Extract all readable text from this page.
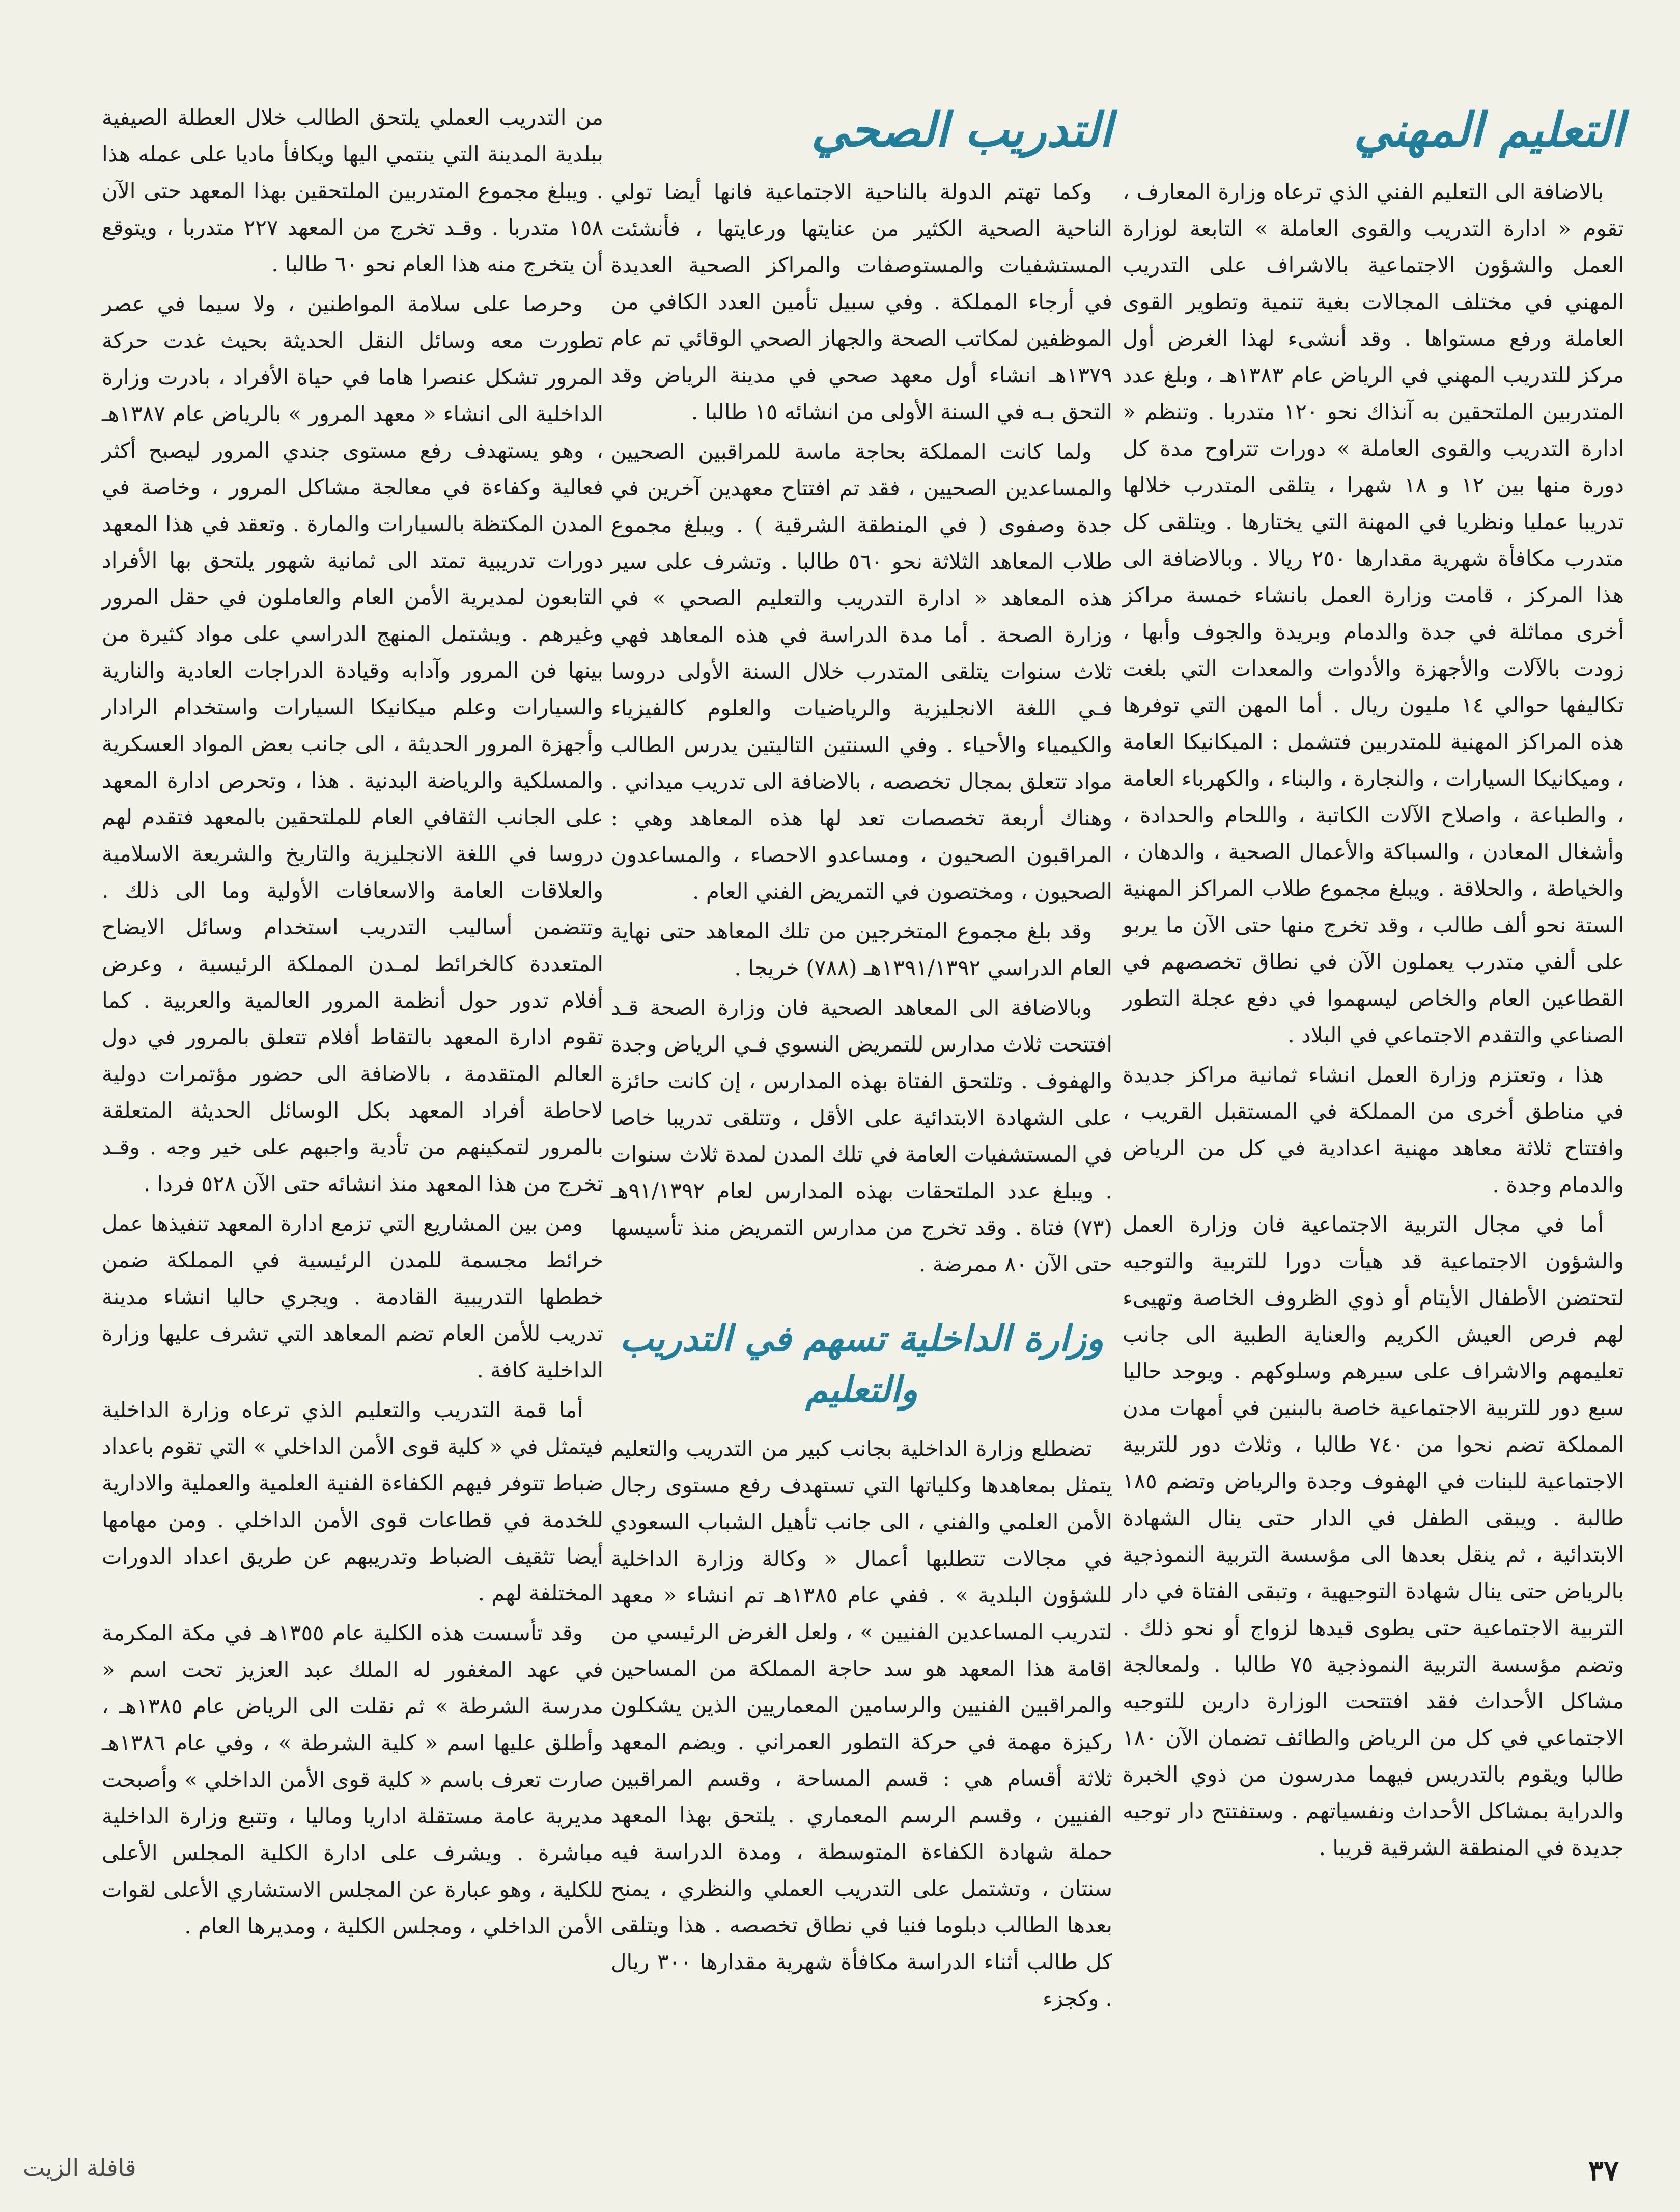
التعليم المهني

بالاضافة الى التعليم الفني الذي ترعاه وزارة المعارف ، تقوم « ادارة التدريب والقوى العاملة » التابعة لوزارة العمل والشؤون الاجتماعية بالاشراف على التدريب المهني في مختلف المجالات بغية تنمية وتطوير القوى العاملة ورفع مستواها . وقد أنشىء لهذا الغرض أول مركز للتدريب المهني في الرياض عام ١٣٨٣هـ ، وبلغ عدد المتدربين الملتحقين به آنذاك نحو ١٢٠ متدربا . وتنظم « ادارة التدريب والقوى العاملة » دورات تتراوح مدة كل دورة منها بين ١٢ و ١٨ شهرا ، يتلقى المتدرب خلالها تدريبا عمليا ونظريا في المهنة التي يختارها . ويتلقى كل متدرب مكافأة شهرية مقدارها ٢٥٠ ريالا . وبالاضافة الى هذا المركز ، قامت وزارة العمل بانشاء خمسة مراكز أخرى مماثلة في جدة والدمام وبريدة والجوف وأبها ، زودت بالآلات والأجهزة والأدوات والمعدات التي بلغت تكاليفها حوالي ١٤ مليون ريال . أما المهن التي توفرها هذه المراكز المهنية للمتدربين فتشمل : الميكانيكا العامة ، وميكانيكا السيارات ، والنجارة ، والبناء ، والكهرباء العامة ، والطباعة ، واصلاح الآلات الكاتبة ، واللحام والحدادة ، وأشغال المعادن ، والسباكة والأعمال الصحية ، والدهان ، والخياطة ، والحلاقة . ويبلغ مجموع طلاب المراكز المهنية الستة نحو ألف طالب ، وقد تخرج منها حتى الآن ما يربو على ألفي متدرب يعملون الآن في نطاق تخصصهم في القطاعين العام والخاص ليسهموا في دفع عجلة التطور الصناعي والتقدم الاجتماعي في البلاد .

هذا ، وتعتزم وزارة العمل انشاء ثمانية مراكز جديدة في مناطق أخرى من المملكة في المستقبل القريب ، وافتتاح ثلاثة معاهد مهنية اعدادية في كل من الرياض والدمام وجدة .

أما في مجال التربية الاجتماعية فان وزارة العمل والشؤون الاجتماعية قد هيأت دورا للتربية والتوجيه لتحتضن الأطفال الأيتام أو ذوي الظروف الخاصة وتهيىء لهم فرص العيش الكريم والعناية الطبية الى جانب تعليمهم والاشراف على سيرهم وسلوكهم . ويوجد حاليا سبع دور للتربية الاجتماعية خاصة بالبنين في أمهات مدن المملكة تضم نحوا من ٧٤٠ طالبا ، وثلاث دور للتربية الاجتماعية للبنات في الهفوف وجدة والرياض وتضم ١٨٥ طالبة . ويبقى الطفل في الدار حتى ينال الشهادة الابتدائية ، ثم ينقل بعدها الى مؤسسة التربية النموذجية بالرياض حتى ينال شهادة التوجيهية ، وتبقى الفتاة في دار التربية الاجتماعية حتى يطوى قيدها لزواج أو نحو ذلك . وتضم مؤسسة التربية النموذجية ٧٥ طالبا . ولمعالجة مشاكل الأحداث فقد افتتحت الوزارة دارين للتوجيه الاجتماعي في كل من الرياض والطائف تضمان الآن ١٨٠ طالبا ويقوم بالتدريس فيهما مدرسون من ذوي الخبرة والدراية بمشاكل الأحداث ونفسياتهم . وستفتتح دار توجيه جديدة في المنطقة الشرقية قريبا .

التدريب الصحي

وكما تهتم الدولة بالناحية الاجتماعية فانها أيضا تولي الناحية الصحية الكثير من عنايتها ورعايتها ، فأنشئت المستشفيات والمستوصفات والمراكز الصحية العديدة في أرجاء المملكة . وفي سبيل تأمين العدد الكافي من الموظفين لمكاتب الصحة والجهاز الصحي الوقائي تم عام ١٣٧٩هـ انشاء أول معهد صحي في مدينة الرياض وقد التحق بـه في السنة الأولى من انشائه ١٥ طالبا .

ولما كانت المملكة بحاجة ماسة للمراقبين الصحيين والمساعدين الصحيين ، فقد تم افتتاح معهدين آخرين في جدة وصفوى ( في المنطقة الشرقية ) . ويبلغ مجموع طلاب المعاهد الثلاثة نحو ٥٦٠ طالبا . وتشرف على سير هذه المعاهد « ادارة التدريب والتعليم الصحي » في وزارة الصحة . أما مدة الدراسة في هذه المعاهد فهي ثلاث سنوات يتلقى المتدرب خلال السنة الأولى دروسا فـي اللغة الانجليزية والرياضيات والعلوم كالفيزياء والكيمياء والأحياء . وفي السنتين التاليتين يدرس الطالب مواد تتعلق بمجال تخصصه ، بالاضافة الى تدريب ميداني . وهناك أربعة تخصصات تعد لها هذه المعاهد وهي : المراقبون الصحيون ، ومساعدو الاحصاء ، والمساعدون الصحيون ، ومختصون في التمريض الفني العام .

وقد بلغ مجموع المتخرجين من تلك المعاهد حتى نهاية العام الدراسي ١٣٩١/١٣٩٢هـ (٧٨٨) خريجا .

وبالاضافة الى المعاهد الصحية فان وزارة الصحة قـد افتتحت ثلاث مدارس للتمريض النسوي فـي الرياض وجدة والهفوف . وتلتحق الفتاة بهذه المدارس ، إن كانت حائزة على الشهادة الابتدائية على الأقل ، وتتلقى تدريبا خاصا في المستشفيات العامة في تلك المدن لمدة ثلاث سنوات . ويبلغ عدد الملتحقات بهذه المدارس لعام ٩١/١٣٩٢هـ (٧٣) فتاة . وقد تخرج من مدارس التمريض منذ تأسيسها حتى الآن ٨٠ ممرضة .

وزارة الداخلية تسهم في التدريب والتعليم

تضطلع وزارة الداخلية بجانب كبير من التدريب والتعليم يتمثل بمعاهدها وكلياتها التي تستهدف رفع مستوى رجال الأمن العلمي والفني ، الى جانب تأهيل الشباب السعودي في مجالات تتطلبها أعمال « وكالة وزارة الداخلية للشؤون البلدية » . ففي عام ١٣٨٥هـ تم انشاء « معهد لتدريب المساعدين الفنيين » ، ولعل الغرض الرئيسي من اقامة هذا المعهد هو سد حاجة المملكة من المساحين والمراقبين الفنيين والرسامين المعماريين الذين يشكلون ركيزة مهمة في حركة التطور العمراني . ويضم المعهد ثلاثة أقسام هي : قسم المساحة ، وقسم المراقبين الفنيين ، وقسم الرسم المعماري . يلتحق بهذا المعهد حملة شهادة الكفاءة المتوسطة ، ومدة الدراسة فيه سنتان ، وتشتمل على التدريب العملي والنظري ، يمنح بعدها الطالب دبلوما فنيا في نطاق تخصصه . هذا ويتلقى كل طالب أثناء الدراسة مكافأة شهرية مقدارها ٣٠٠ ريال . وكجزء

من التدريب العملي يلتحق الطالب خلال العطلة الصيفية ببلدية المدينة التي ينتمي اليها ويكافأ ماديا على عمله هذا . ويبلغ مجموع المتدربين الملتحقين بهذا المعهد حتى الآن ١٥٨ متدربا . وقـد تخرج من المعهد ٢٢٧ متدربا ، ويتوقع أن يتخرج منه هذا العام نحو ٦٠ طالبا .

وحرصا على سلامة المواطنين ، ولا سيما في عصر تطورت معه وسائل النقل الحديثة بحيث غدت حركة المرور تشكل عنصرا هاما في حياة الأفراد ، بادرت وزارة الداخلية الى انشاء « معهد المرور » بالرياض عام ١٣٨٧هـ ، وهو يستهدف رفع مستوى جندي المرور ليصبح أكثر فعالية وكفاءة في معالجة مشاكل المرور ، وخاصة في المدن المكتظة بالسيارات والمارة . وتعقد في هذا المعهد دورات تدريبية تمتد الى ثمانية شهور يلتحق بها الأفراد التابعون لمديرية الأمن العام والعاملون في حقل المرور وغيرهم . ويشتمل المنهج الدراسي على مواد كثيرة من بينها فن المرور وآدابه وقيادة الدراجات العادية والنارية والسيارات وعلم ميكانيكا السيارات واستخدام الرادار وأجهزة المرور الحديثة ، الى جانب بعض المواد العسكرية والمسلكية والرياضة البدنية . هذا ، وتحرص ادارة المعهد على الجانب الثقافي العام للملتحقين بالمعهد فتقدم لهم دروسا في اللغة الانجليزية والتاريخ والشريعة الاسلامية والعلاقات العامة والاسعافات الأولية وما الى ذلك . وتتضمن أساليب التدريب استخدام وسائل الايضاح المتعددة كالخرائط لمـدن المملكة الرئيسية ، وعرض أفلام تدور حول أنظمة المرور العالمية والعربية . كما تقوم ادارة المعهد بالتقاط أفلام تتعلق بالمرور في دول العالم المتقدمة ، بالاضافة الى حضور مؤتمرات دولية لاحاطة أفراد المعهد بكل الوسائل الحديثة المتعلقة بالمرور لتمكينهم من تأدية واجبهم على خير وجه . وقـد تخرج من هذا المعهد منذ انشائه حتى الآن ٥٢٨ فردا .

ومن بين المشاريع التي تزمع ادارة المعهد تنفيذها عمل خرائط مجسمة للمدن الرئيسية في المملكة ضمن خططها التدريبية القادمة . ويجري حاليا انشاء مدينة تدريب للأمن العام تضم المعاهد التي تشرف عليها وزارة الداخلية كافة .

أما قمة التدريب والتعليم الذي ترعاه وزارة الداخلية فيتمثل في « كلية قوى الأمن الداخلي » التي تقوم باعداد ضباط تتوفر فيهم الكفاءة الفنية العلمية والعملية والادارية للخدمة في قطاعات قوى الأمن الداخلي . ومن مهامها أيضا تثقيف الضباط وتدريبهم عن طريق اعداد الدورات المختلفة لهم .

وقد تأسست هذه الكلية عام ١٣٥٥هـ في مكة المكرمة في عهد المغفور له الملك عبد العزيز تحت اسم « مدرسة الشرطة » ثم نقلت الى الرياض عام ١٣٨٥هـ ، وأطلق عليها اسم « كلية الشرطة » ، وفي عام ١٣٨٦هـ صارت تعرف باسم « كلية قوى الأمن الداخلي » وأصبحت مديرية عامة مستقلة اداريا وماليا ، وتتبع وزارة الداخلية مباشرة . ويشرف على ادارة الكلية المجلس الأعلى للكلية ، وهو عبارة عن المجلس الاستشاري الأعلى لقوات الأمن الداخلي ، ومجلس الكلية ، ومديرها العام .

٣٧
قافلة الزيت
